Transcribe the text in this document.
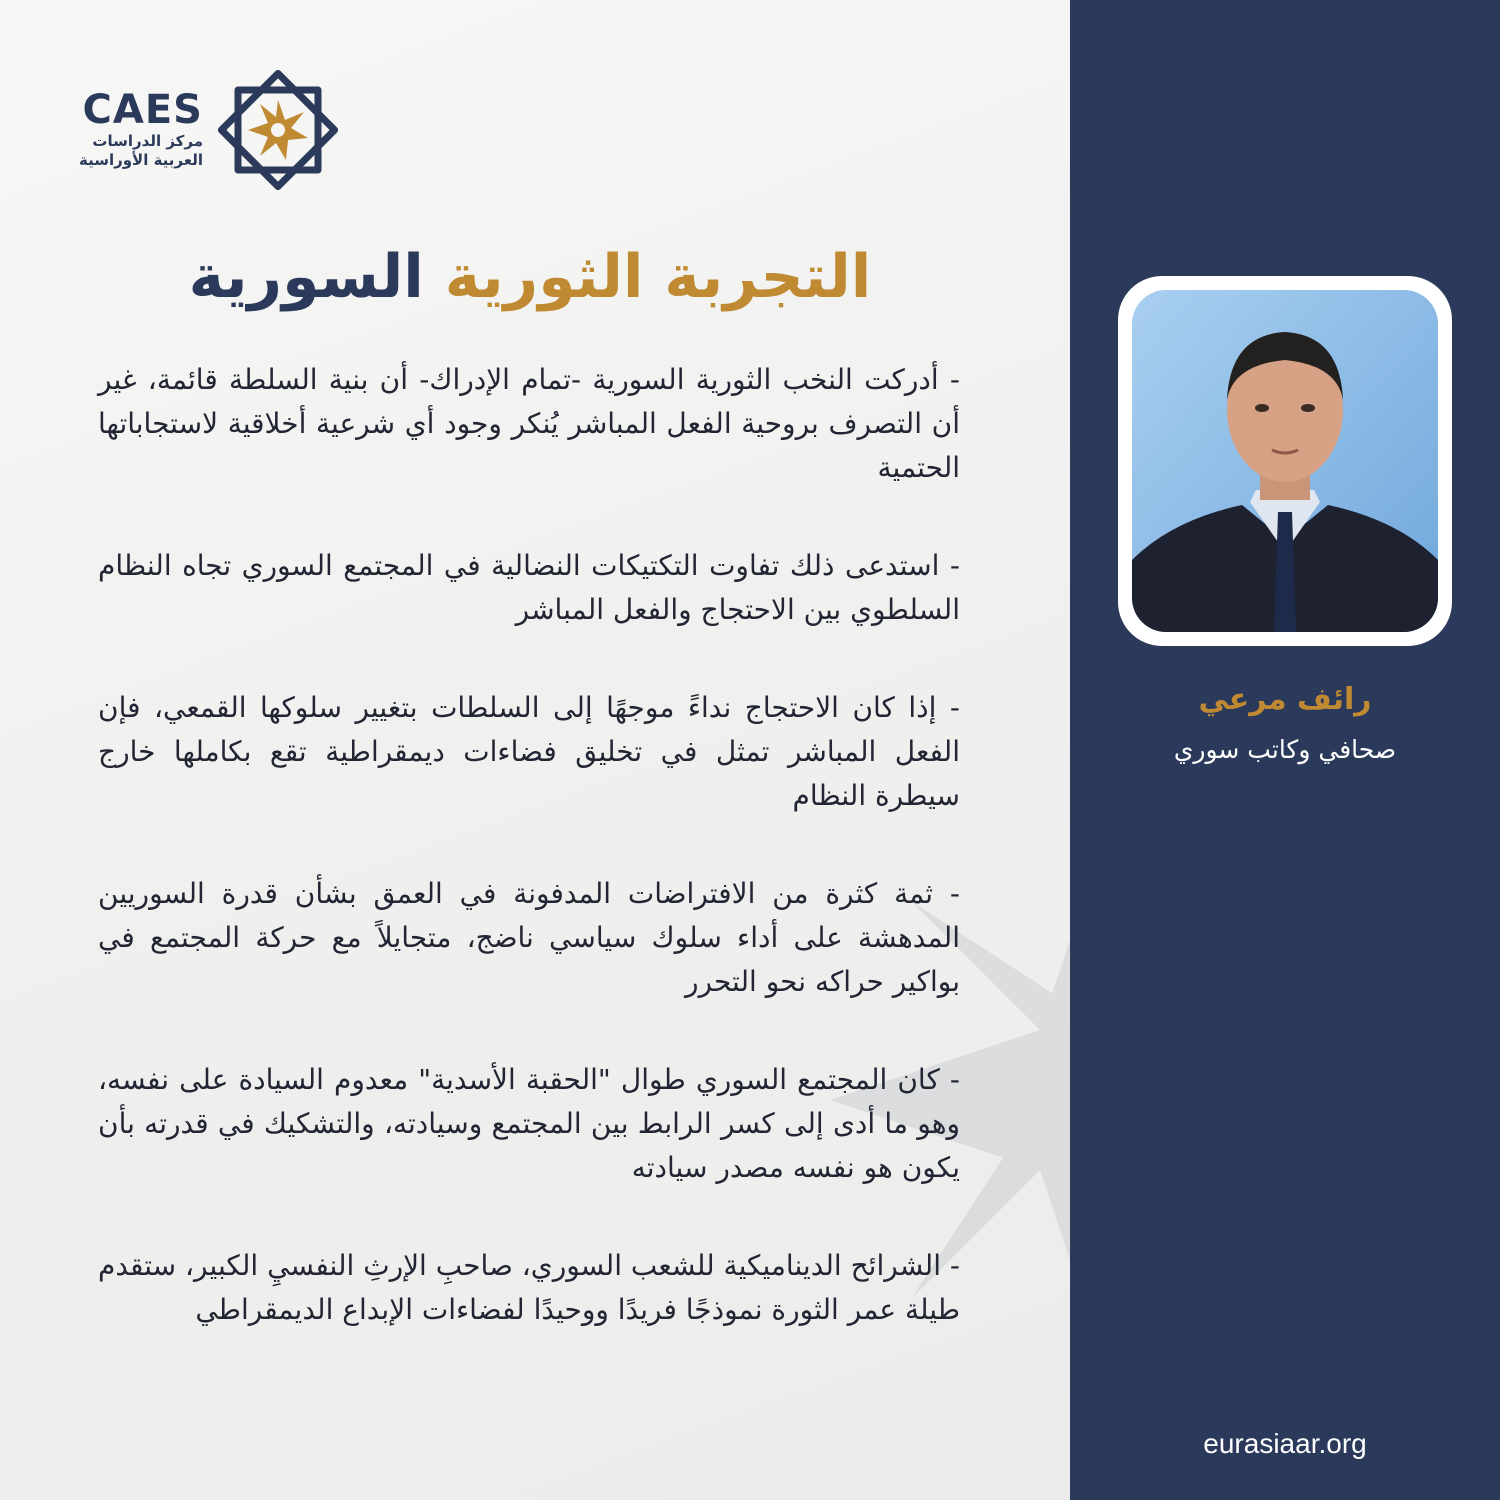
CAES
مركز الدراسات
العربية الأوراسية
التجربة الثورية السورية

- أدركت النخب الثورية السورية -تمام الإدراك- أن بنية السلطة قائمة، غير أن التصرف بروحية الفعل المباشر يُنكر وجود أي شرعية أخلاقية لاستجاباتها الحتمية

- استدعى ذلك تفاوت التكتيكات النضالية في المجتمع السوري تجاه النظام السلطوي بين الاحتجاج والفعل المباشر

- إذا كان الاحتجاج نداءً موجهًا إلى السلطات بتغيير سلوكها القمعي، فإن الفعل المباشر تمثل في تخليق فضاءات ديمقراطية تقع بكاملها خارج سيطرة النظام

- ثمة كثرة من الافتراضات المدفونة في العمق بشأن قدرة السوريين المدهشة على أداء سلوك سياسي ناضج، متجايلاً مع حركة المجتمع في بواكير حراكه نحو التحرر

- كان المجتمع السوري طوال "الحقبة الأسدية" معدوم السيادة على نفسه، وهو ما أدى إلى كسر الرابط بين المجتمع وسيادته، والتشكيك في قدرته بأن يكون هو نفسه مصدر سيادته

- الشرائح الديناميكية للشعب السوري، صاحبِ الإرثِ النفسيِ الكبير، ستقدم طيلة عمر الثورة نموذجًا فريدًا ووحيدًا لفضاءات الإبداع الديمقراطي

رائف مرعي
صحافي وكاتب سوري
eurasiaar.org
